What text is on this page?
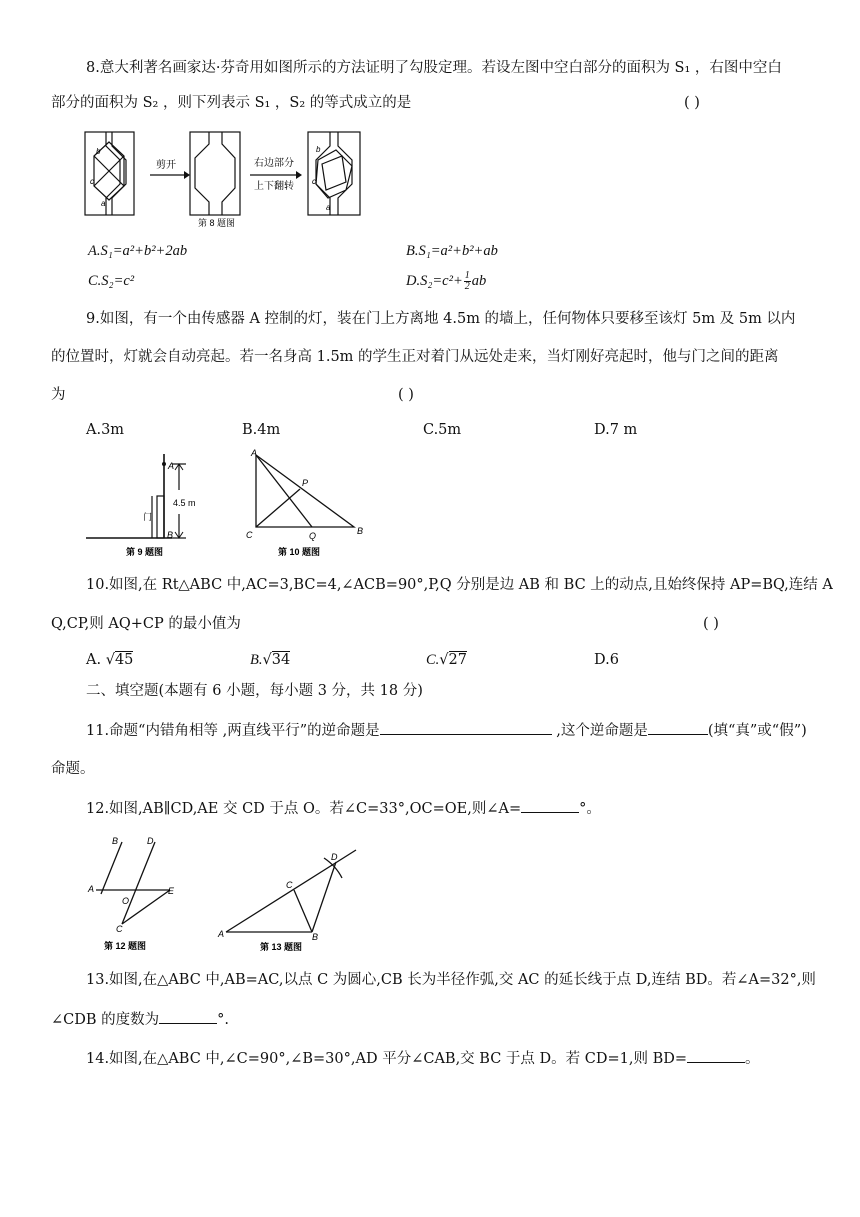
8.意大利著名画家达·芬奇用如图所示的方法证明了勾股定理。若设左图中空白部分的面积为 S₁ ，右图中空白
部分的面积为 S₂ ，则下列表示 S₁ ，S₂ 的等式成立的是	( )
b
c
a
剪开
第 8 题图
右边部分
上下翻转
b
c
a
A.S₁=a²+b²+2ab	B.S₁=a²+b²+ab
C.S₂=c²	$D.S_2=c^2+ \frac{1}{2}$ ab
9.如图，有一个由传感器 A 控制的灯，装在门上方离地 4.5m 的墙上，任何物体只要移至该灯 5m 及 5m 以内
的位置时，灯就会自动亮起。若一名身高 1.5m 的学生正对着门从远处走来，当灯刚好亮起时，他与门之间的距离
为	( )
A.3m	B.4m	C.5m	D.7 m
A
B
4.5 m
门
第 9 题图
A
C	B
P
Q
第 10 题图
10.如图,在 Rt△ABC 中,AC=3,BC=4,∠ACB=90°,P,Q 分别是边 AB 和 BC 上的动点,且始终保持 AP=BQ,连结 A
Q,CP,则 AQ+CP 的最小值为	( )
A. √45	B.√34	C.√27	D.6
二、填空题(本题有 6 小题，每小题 3 分，共 18 分)
11.命题“内错角相等 ,两直线平行”的逆命题是	,这个逆命题是	(填“真”或“假”)
命题。
12.如图,AB∥CD,AE 交 CD 于点 O。若∠C=33°,OC=OE,则∠A=	°。
B	D
A	E
O
C
第 12 题图
A	B
C
D
第 13 题图
13.如图,在△ABC 中,AB=AC,以点 C 为圆心,CB 长为半径作弧,交 AC 的延长线于点 D,连结 BD。若∠A=32°,则
∠CDB 的度数为	°.
14.如图,在△ABC 中,∠C=90°,∠B=30°,AD 平分∠CAB,交 BC 于点 D。若 CD=1,则 BD=	。
